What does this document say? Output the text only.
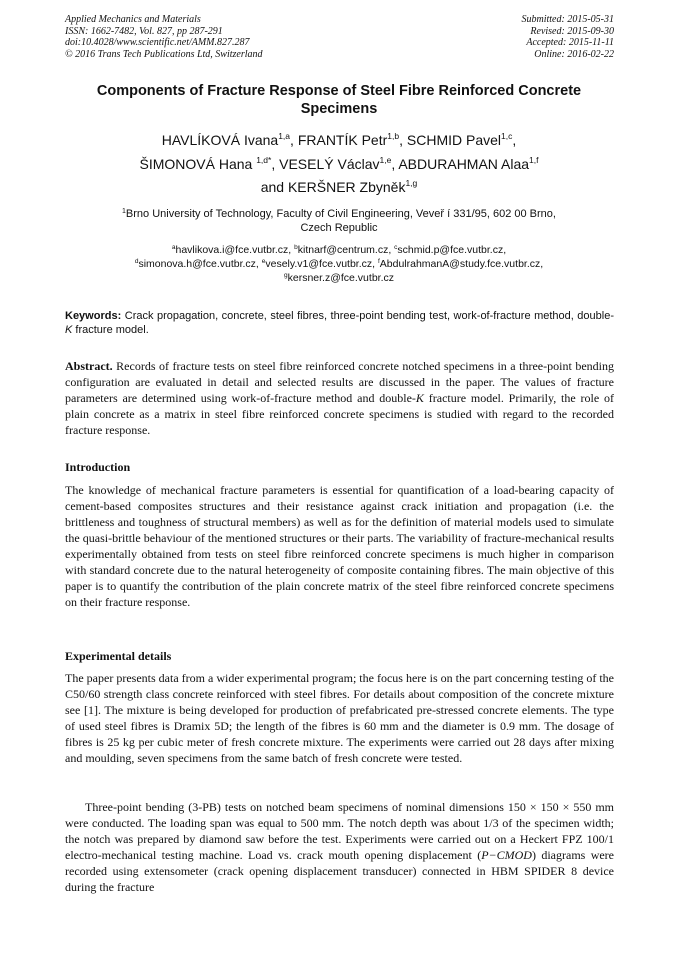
Applied Mechanics and Materials
ISSN: 1662-7482, Vol. 827, pp 287-291
doi:10.4028/www.scientific.net/AMM.827.287
© 2016 Trans Tech Publications Ltd, Switzerland
Submitted: 2015-05-31
Revised: 2015-09-30
Accepted: 2015-11-11
Online: 2016-02-22
Components of Fracture Response of Steel Fibre Reinforced Concrete Specimens
HAVLÍKOVÁ Ivana$^{1,a}$, FRANTÍK Petr$^{1,b}$, SCHMID Pavel$^{1,c}$,
ŠIMONOVÁ Hana $^{1,d*}$, VESELÝ Václav$^{1,e}$, ABDURAHMAN Alaa$^{1,f}$
and KERŠNER Zbyněk$^{1,g}$
$^1$Brno University of Technology, Faculty of Civil Engineering, Veveř í 331/95, 602 00 Brno,
Czech Republic
$^a$havlikova.i@fce.vutbr.cz, $^b$kitnarf@centrum.cz, $^c$schmid.p@fce.vutbr.cz,
$^d$simonova.h@fce.vutbr.cz, $^e$vesely.v1@fce.vutbr.cz, $^f$AbdulrahmanA@study.fce.vutbr.cz,
$^g$kersner.z@fce.vutbr.cz
Keywords: Crack propagation, concrete, steel fibres, three-point bending test, work-of-fracture method, double-K fracture model.
Abstract. Records of fracture tests on steel fibre reinforced concrete notched specimens in a three-point bending configuration are evaluated in detail and selected results are discussed in the paper. The values of fracture parameters are determined using work-of-fracture method and double-K fracture model. Primarily, the role of plain concrete as a matrix in steel fibre reinforced concrete specimens is studied with regard to the recorded fracture response.
Introduction
The knowledge of mechanical fracture parameters is essential for quantification of a load-bearing capacity of cement-based composites structures and their resistance against crack initiation and propagation (i.e. the brittleness and toughness of structural members) as well as for the definition of material models used to simulate the quasi-brittle behaviour of the mentioned structures or their parts. The variability of fracture-mechanical results experimentally obtained from tests on steel fibre reinforced concrete specimens is much higher in comparison with standard concrete due to the natural heterogeneity of composite containing fibres. The main objective of this paper is to quantify the contribution of the plain concrete matrix of the steel fibre reinforced concrete specimens on their fracture response.
Experimental details
The paper presents data from a wider experimental program; the focus here is on the part concerning testing of the C50/60 strength class concrete reinforced with steel fibres. For details about composition of the concrete mixture see [1]. The mixture is being developed for production of prefabricated pre-stressed concrete elements. The type of used steel fibres is Dramix 5D; the length of the fibres is 60 mm and the diameter is 0.9 mm. The dosage of fibres is 25 kg per cubic meter of fresh concrete mixture. The experiments were carried out 28 days after mixing and moulding, seven specimens from the same batch of fresh concrete were tested.
Three-point bending (3-PB) tests on notched beam specimens of nominal dimensions 150 × 150 × 550 mm were conducted. The loading span was equal to 500 mm. The notch depth was about 1/3 of the specimen width; the notch was prepared by diamond saw before the test. Experiments were carried out on a Heckert FPZ 100/1 electro-mechanical testing machine. Load vs. crack mouth opening displacement (P−CMOD) diagrams were recorded using extensometer (crack opening displacement transducer) connected in HBM SPIDER 8 device during the fracture
